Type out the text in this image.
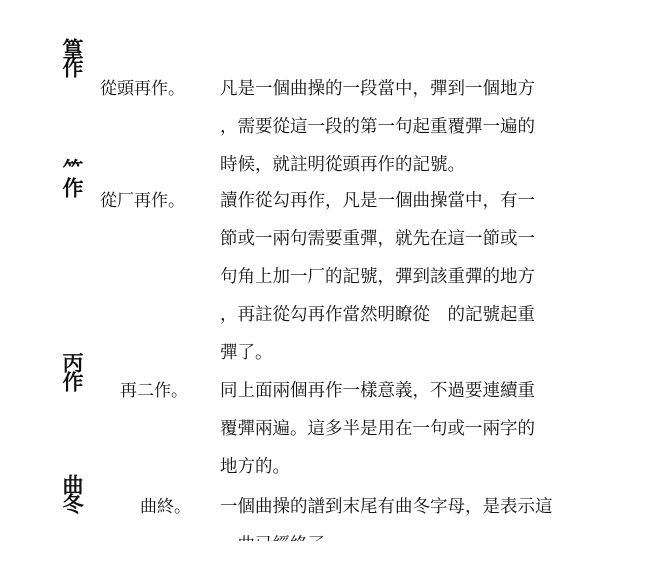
篁作
從頭再作。 凡是一個曲操的一段當中，彈到一個地方
，需要從這一段的第一句起重覆彈一遍的
時候，就註明從頭再作的記號。
⺮作
從厂再作。 讀作從勾再作，凡是一個曲操當中，有一
節或一兩句需要重彈，就先在這一節或一
句角上加一厂的記號，彈到該重彈的地方
，再註從勾再作當然明瞭從　的記號起重
彈了。
丙作
再二作。 同上面兩個再作一樣意義，不過要連續重
覆彈兩遍。這多半是用在一句或一兩字的
地方的。
曲冬	曲終。 一個曲操的譜到末尾有曲冬字母，是表示這
